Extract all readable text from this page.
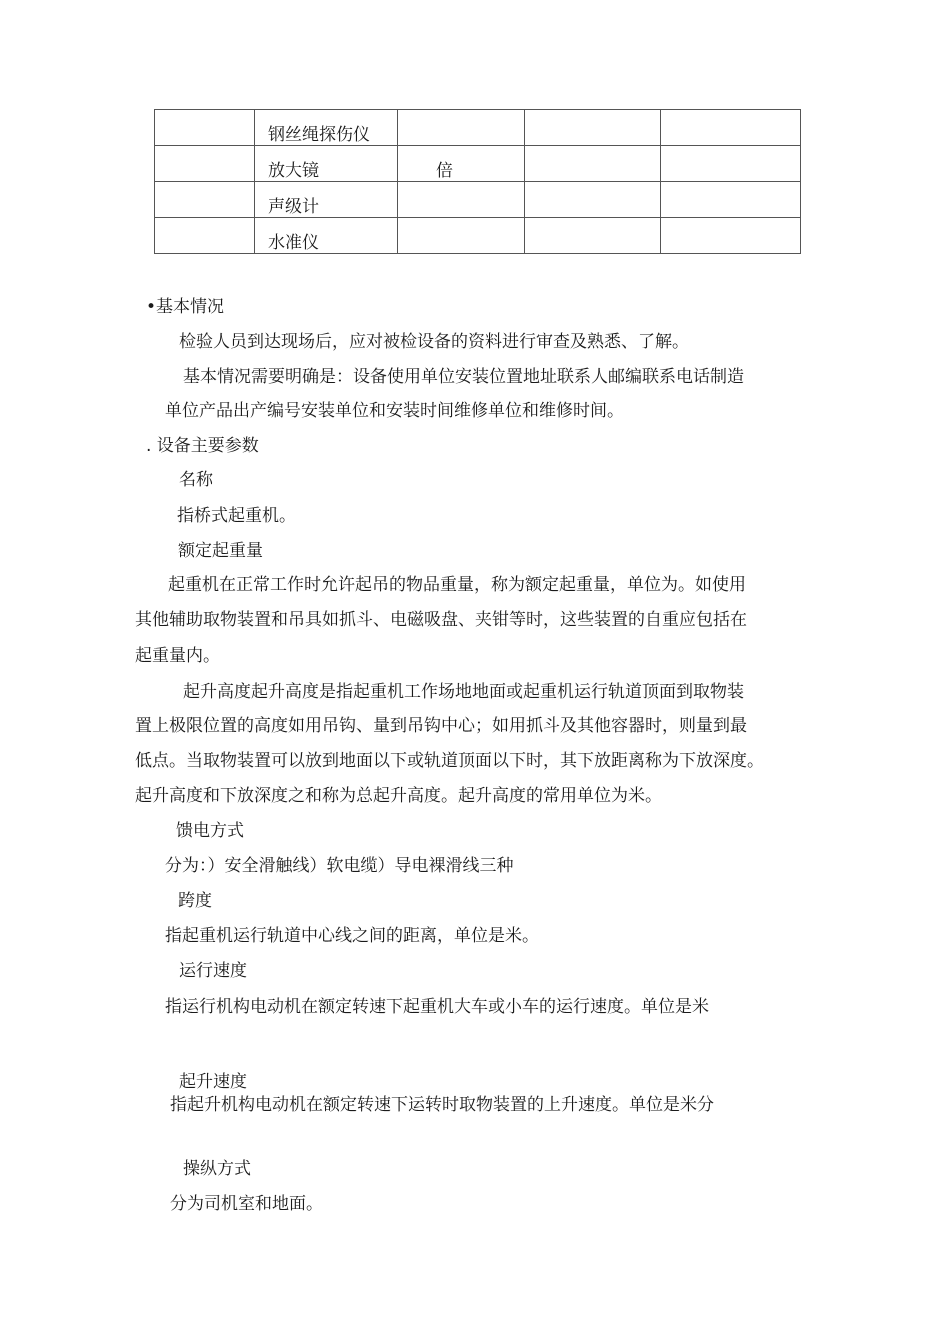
	钢丝绳探伤仪			
	放大镜	倍		
	声级计			
	水准仪			
•基本情况
检验人员到达现场后，应对被检设备的资料进行审查及熟悉、了解。
基本情况需要明确是：设备使用单位安装位置地址联系人邮编联系电话制造
单位产品出产编号安装单位和安装时间维修单位和维修时间。
. 设备主要参数
名称
指桥式起重机。
额定起重量
起重机在正常工作时允许起吊的物品重量，称为额定起重量，单位为。如使用
其他辅助取物装置和吊具如抓斗、电磁吸盘、夹钳等时，这些装置的自重应包括在
起重量内。
起升高度起升高度是指起重机工作场地地面或起重机运行轨道顶面到取物装
置上极限位置的高度如用吊钩、量到吊钩中心；如用抓斗及其他容器时，则量到最
低点。当取物装置可以放到地面以下或轨道顶面以下时，其下放距离称为下放深度。
起升高度和下放深度之和称为总起升高度。起升高度的常用单位为米。
馈电方式
分为：）安全滑触线）软电缆）导电裸滑线三种
跨度
指起重机运行轨道中心线之间的距离，单位是米。
运行速度
指运行机构电动机在额定转速下起重机大车或小车的运行速度。单位是米
起升速度
指起升机构电动机在额定转速下运转时取物装置的上升速度。单位是米分
操纵方式
分为司机室和地面。
